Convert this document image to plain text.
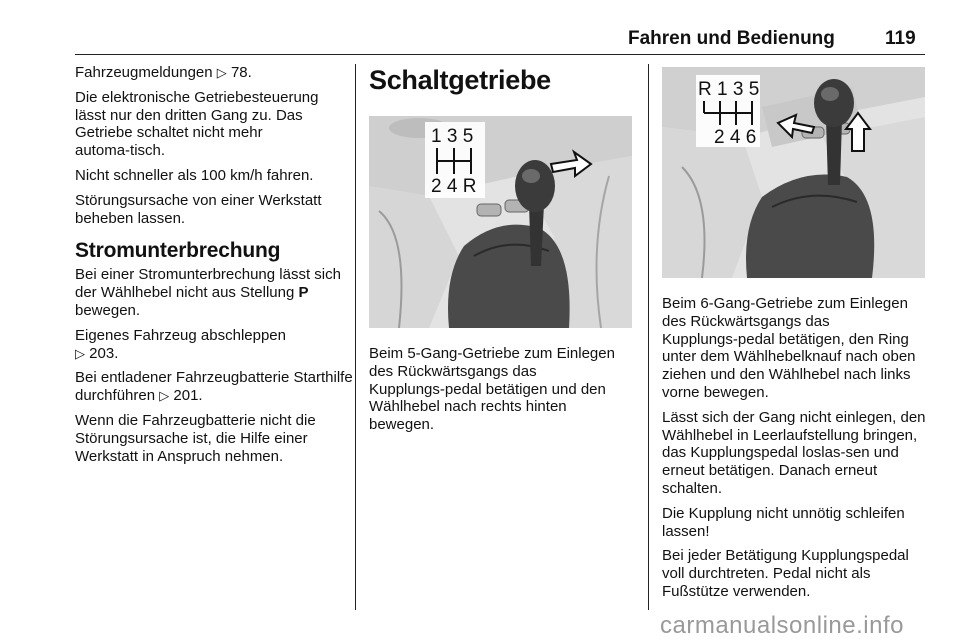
Fahren und Bedienung	119

Fahrzeugmeldungen ▷ 78.

Die elektronische Getriebesteuerung lässt nur den dritten Gang zu. Das Getriebe schaltet nicht mehr automa‑tisch.

Nicht schneller als 100 km/h fahren.

Störungsursache von einer Werkstatt beheben lassen.

Stromunterbrechung

Bei einer Stromunterbrechung lässt sich der Wählhebel nicht aus Stellung P bewegen.

Eigenes Fahrzeug abschleppen
▷ 203.

Bei entladener Fahrzeugbatterie Starthilfe durchführen ▷ 201.

Wenn die Fahrzeugbatterie nicht die Störungsursache ist, die Hilfe einer Werkstatt in Anspruch nehmen.

Schaltgetriebe
1 3 5
2 4 R

Beim 5‑Gang‑Getriebe zum Einlegen des Rückwärtsgangs das Kupplungs‑pedal betätigen und den Wählhebel nach rechts hinten bewegen.

R 1 3 5
2 4 6

Beim 6‑Gang‑Getriebe zum Einlegen des Rückwärtsgangs das Kupplungs‑pedal betätigen, den Ring unter dem Wählhebelknauf nach oben ziehen und den Wählhebel nach links vorne bewegen.

Lässt sich der Gang nicht einlegen, den Wählhebel in Leerlaufstellung bringen, das Kupplungspedal loslas‑sen und erneut betätigen. Danach erneut schalten.

Die Kupplung nicht unnötig schleifen lassen!

Bei jeder Betätigung Kupplungspedal voll durchtreten. Pedal nicht als Fußstütze verwenden.

carmanualsonline.info
